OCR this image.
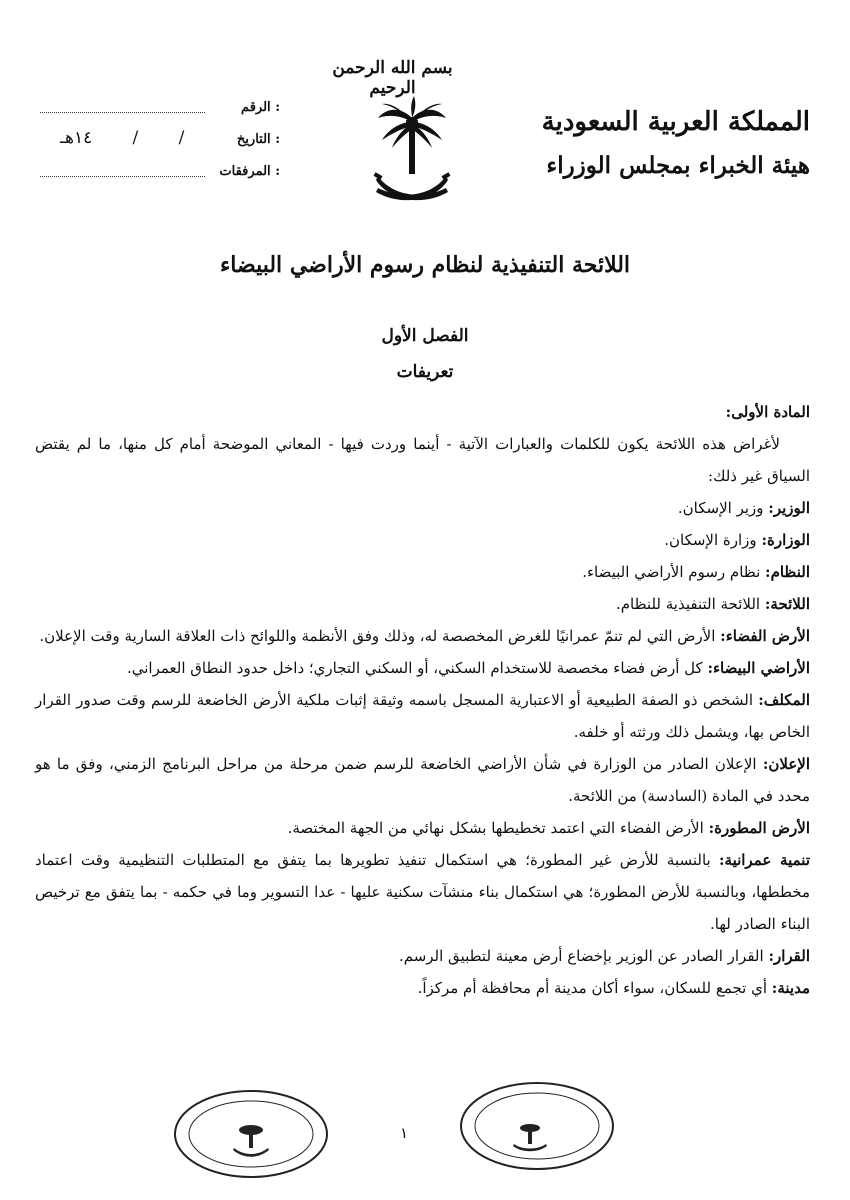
بسم الله الرحمن الرحيم
المملكة العربية السعودية
هيئة الخبراء بمجلس الوزراء
الرقم :
التاريخ :

/
/
١٤هـ
المرفقات :
اللائحة التنفيذية لنظام رسوم الأراضي البيضاء
الفصل الأول
تعريفات

المادة الأولى:

لأغراض هذه اللائحة يكون للكلمات والعبارات الآتية - أينما وردت فيها - المعاني الموضحة أمام كل منها، ما لم يقتض السياق غير ذلك:

الوزير: وزير الإسكان.

الوزارة: وزارة الإسكان.

النظام: نظام رسوم الأراضي البيضاء.

اللائحة: اللائحة التنفيذية للنظام.

الأرض الفضاء: الأرض التي لم تنمّ عمرانيًا للغرض المخصصة له، وذلك وفق الأنظمة واللوائح ذات العلاقة السارية وقت الإعلان.

الأراضي البيضاء: كل أرض فضاء مخصصة للاستخدام السكني، أو السكني التجاري؛ داخل حدود النطاق العمراني.

المكلف: الشخص ذو الصفة الطبيعية أو الاعتبارية المسجل باسمه وثيقة إثبات ملكية الأرض الخاضعة للرسم وقت صدور القرار الخاص بها، ويشمل ذلك ورثته أو خلفه.

الإعلان: الإعلان الصادر من الوزارة في شأن الأراضي الخاضعة للرسم ضمن مرحلة من مراحل البرنامج الزمني، وفق ما هو محدد في المادة (السادسة) من اللائحة.

الأرض المطورة: الأرض الفضاء التي اعتمد تخطيطها بشكل نهائي من الجهة المختصة.

تنمية عمرانية: بالنسبة للأرض غير المطورة؛ هي استكمال تنفيذ تطويرها بما يتفق مع المتطلبات التنظيمية وقت اعتماد مخططها، وبالنسبة للأرض المطورة؛ هي استكمال بناء منشآت سكنية عليها - عدا التسوير وما في حكمه - بما يتفق مع ترخيص البناء الصادر لها.

القرار: القرار الصادر عن الوزير بإخضاع أرض معينة لتطبيق الرسم.

مدينة: أي تجمع للسكان، سواء أكان مدينة أم محافظة أم مركزاً.

١
